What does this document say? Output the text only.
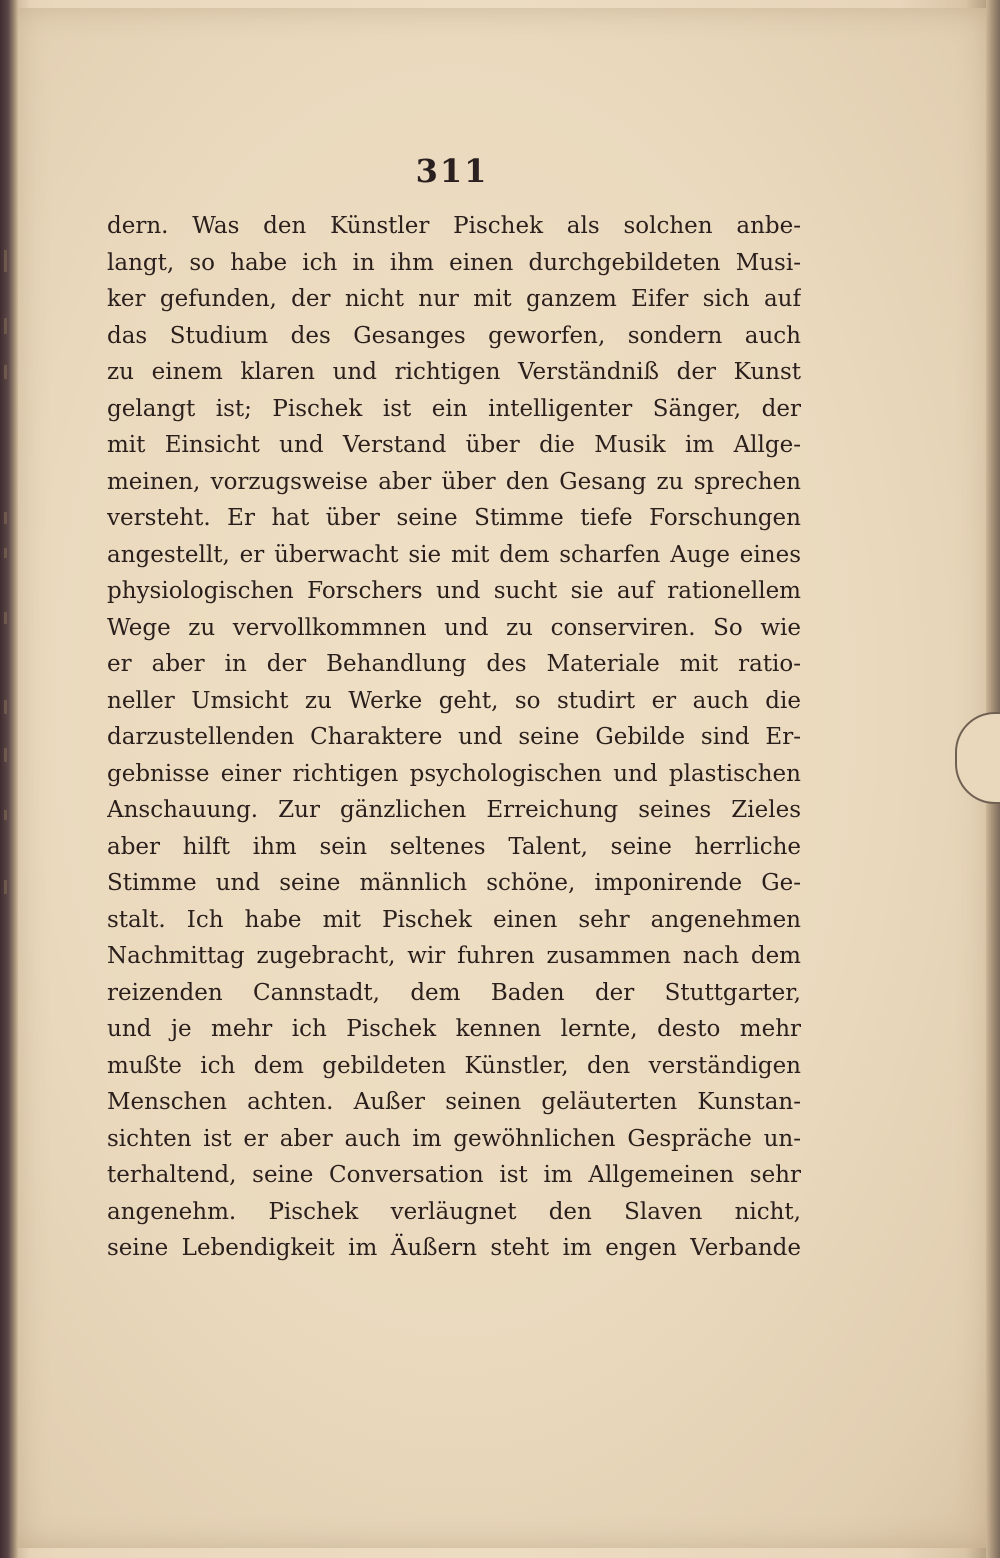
311
dern. Was den Künstler Pischek als solchen anbe-
langt, so habe ich in ihm einen durchgebildeten Musi-
ker gefunden, der nicht nur mit ganzem Eifer sich auf
das Studium des Gesanges geworfen, sondern auch
zu einem klaren und richtigen Verständniß der Kunst
gelangt ist; Pischek ist ein intelligenter Sänger, der
mit Einsicht und Verstand über die Musik im Allge-
meinen, vorzugsweise aber über den Gesang zu sprechen
versteht. Er hat über seine Stimme tiefe Forschungen
angestellt, er überwacht sie mit dem scharfen Auge eines
physiologischen Forschers und sucht sie auf rationellem
Wege zu vervollkommnen und zu conserviren. So wie
er aber in der Behandlung des Materiale mit ratio-
neller Umsicht zu Werke geht, so studirt er auch die
darzustellenden Charaktere und seine Gebilde sind Er-
gebnisse einer richtigen psychologischen und plastischen
Anschauung. Zur gänzlichen Erreichung seines Zieles
aber hilft ihm sein seltenes Talent, seine herrliche
Stimme und seine männlich schöne, imponirende Ge-
stalt. Ich habe mit Pischek einen sehr angenehmen
Nachmittag zugebracht, wir fuhren zusammen nach dem
reizenden Cannstadt, dem Baden der Stuttgarter,
und je mehr ich Pischek kennen lernte, desto mehr
mußte ich dem gebildeten Künstler, den verständigen
Menschen achten. Außer seinen geläuterten Kunstan-
sichten ist er aber auch im gewöhnlichen Gespräche un-
terhaltend, seine Conversation ist im Allgemeinen sehr
angenehm. Pischek verläugnet den Slaven nicht,
seine Lebendigkeit im Äußern steht im engen Verbande
